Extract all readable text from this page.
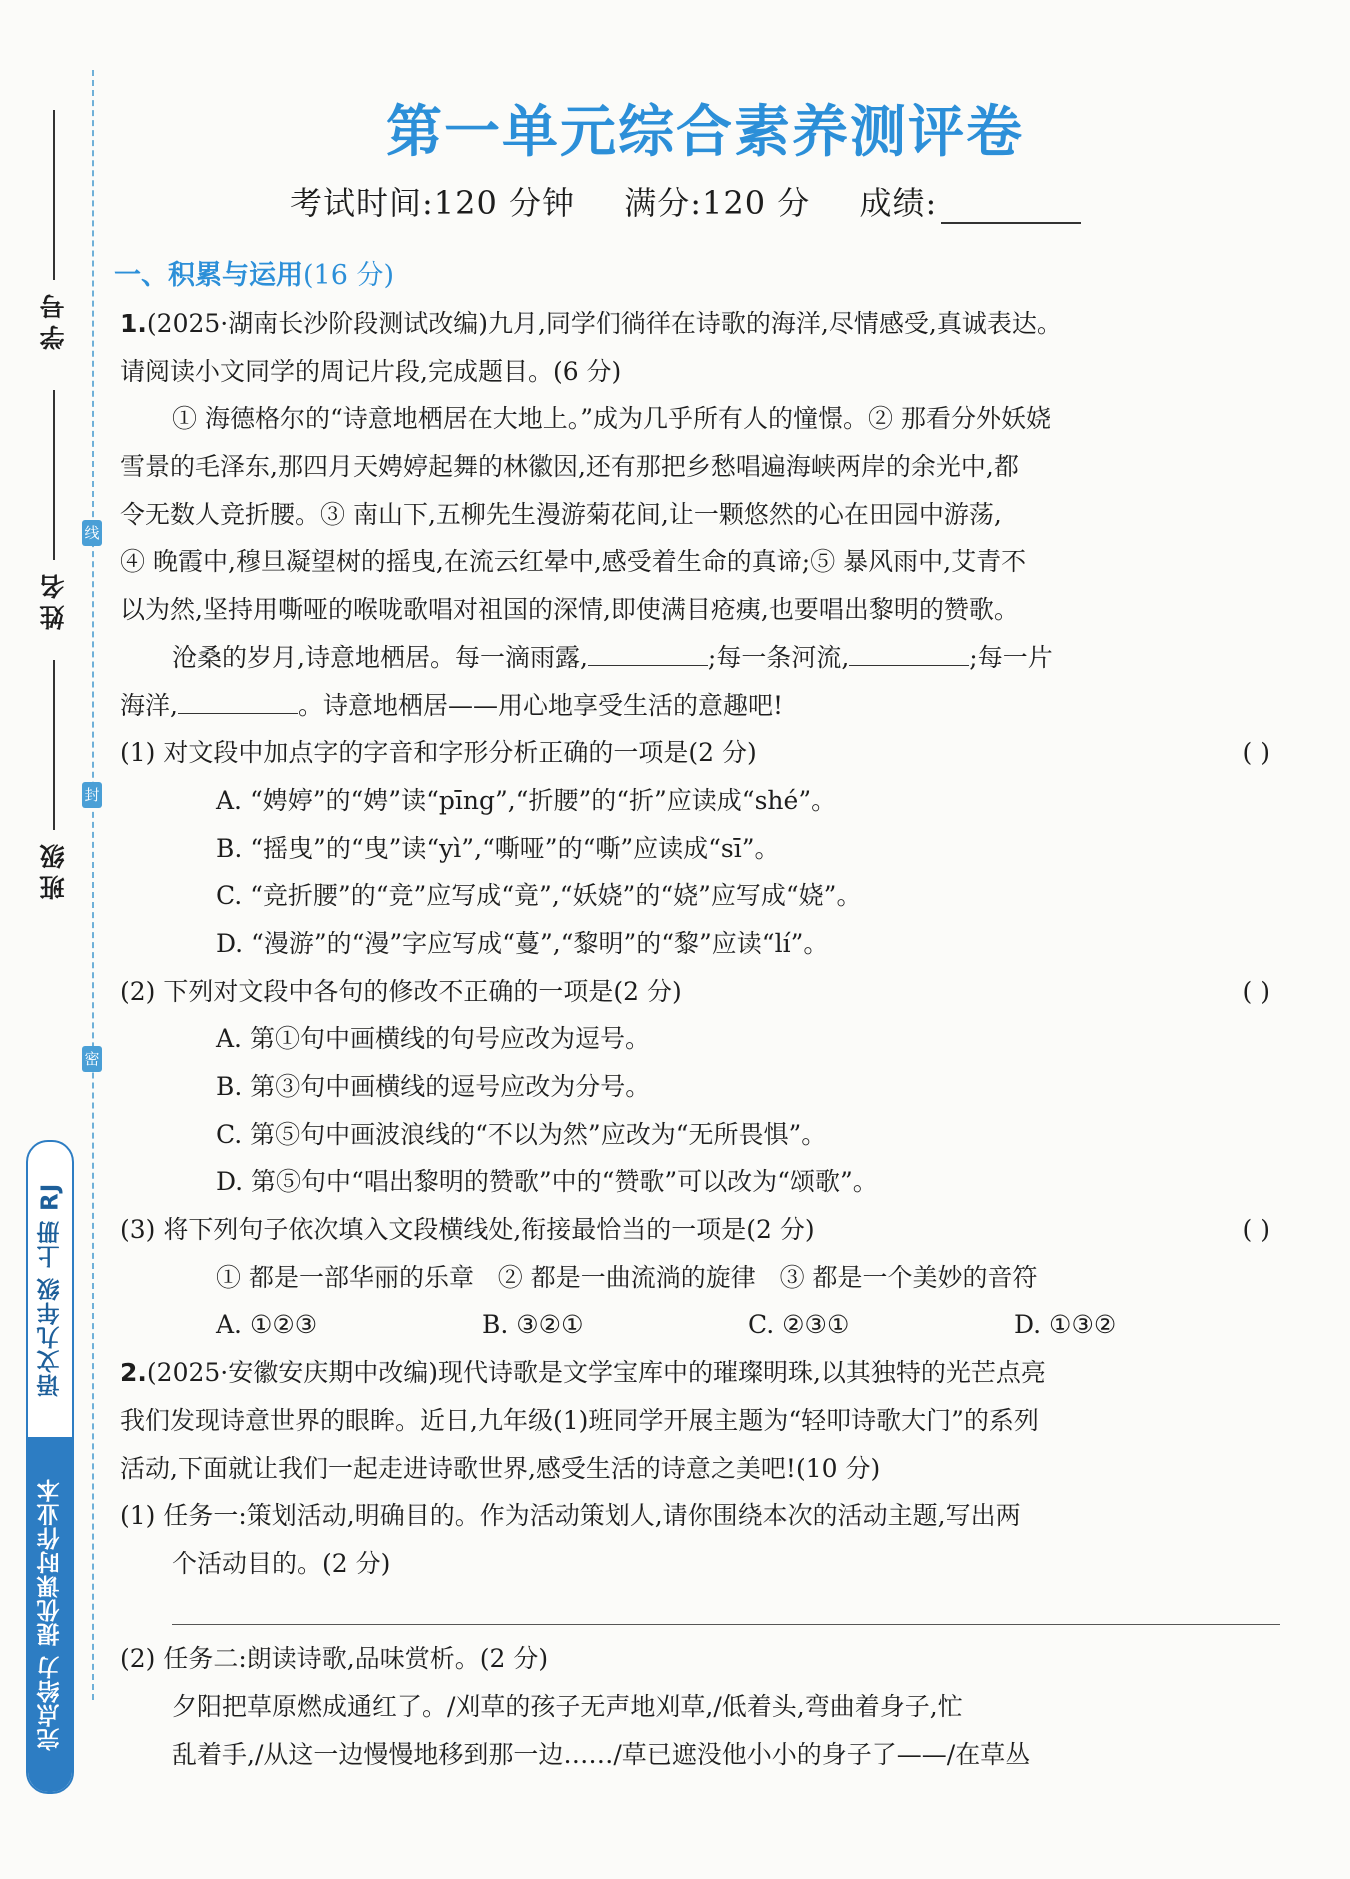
线
封
密
学号
姓名
班级
语文九年级 上册 RJ
完点给力 提优课时作业本
第一单元综合素养测评卷
考试时间:120 分钟 满分:120 分 成绩:
一、积累与运用(16 分)
1.(2025·湖南长沙阶段测试改编)九月,同学们徜徉在诗歌的海洋,尽情感受,真诚表达。
请阅读小文同学的周记片段,完成题目。(6 分)
① 海德格尔的“诗意地栖居在大地上。”成为几乎所有人的憧憬。② 那看分外妖娆
雪景的毛泽东,那四月天娉婷起舞的林徽因,还有那把乡愁唱遍海峡两岸的余光中,都
令无数人竞折腰。③ 南山下,五柳先生漫游菊花间,让一颗悠然的心在田园中游荡,
④ 晚霞中,穆旦凝望树的摇曳,在流云红晕中,感受着生命的真谛;⑤ 暴风雨中,艾青不
以为然,坚持用嘶哑的喉咙歌唱对祖国的深情,即使满目疮痍,也要唱出黎明的赞歌。
沧桑的岁月,诗意地栖居。每一滴雨露,	;每一条河流,	;每一片
海洋,	。诗意地栖居——用心地享受生活的意趣吧!
(1) 对文段中加点字的字音和字形分析正确的一项是(2 分)	( )
A. “娉婷”的“娉”读“pīng”,“折腰”的“折”应读成“shé”。
B. “摇曳”的“曳”读“yì”,“嘶哑”的“嘶”应读成“sī”。
C. “竞折腰”的“竞”应写成“竟”,“妖娆”的“娆”应写成“娆”。
D. “漫游”的“漫”字应写成“蔓”,“黎明”的“黎”应读“lí”。
(2) 下列对文段中各句的修改不正确的一项是(2 分)	( )
A. 第①句中画横线的句号应改为逗号。
B. 第③句中画横线的逗号应改为分号。
C. 第⑤句中画波浪线的“不以为然”应改为“无所畏惧”。
D. 第⑤句中“唱出黎明的赞歌”中的“赞歌”可以改为“颂歌”。
(3) 将下列句子依次填入文段横线处,衔接最恰当的一项是(2 分)	( )
① 都是一部华丽的乐章   ② 都是一曲流淌的旋律   ③ 都是一个美妙的音符
A. ①②③	B. ③②①	C. ②③①	D. ①③②
2.(2025·安徽安庆期中改编)现代诗歌是文学宝库中的璀璨明珠,以其独特的光芒点亮
我们发现诗意世界的眼眸。近日,九年级(1)班同学开展主题为“轻叩诗歌大门”的系列
活动,下面就让我们一起走进诗歌世界,感受生活的诗意之美吧!(10 分)
(1) 任务一:策划活动,明确目的。作为活动策划人,请你围绕本次的活动主题,写出两
个活动目的。(2 分)
(2) 任务二:朗读诗歌,品味赏析。(2 分)
夕阳把草原燃成通红了。/刈草的孩子无声地刈草,/低着头,弯曲着身子,忙
乱着手,/从这一边慢慢地移到那一边……/草已遮没他小小的身子了——/在草丛
